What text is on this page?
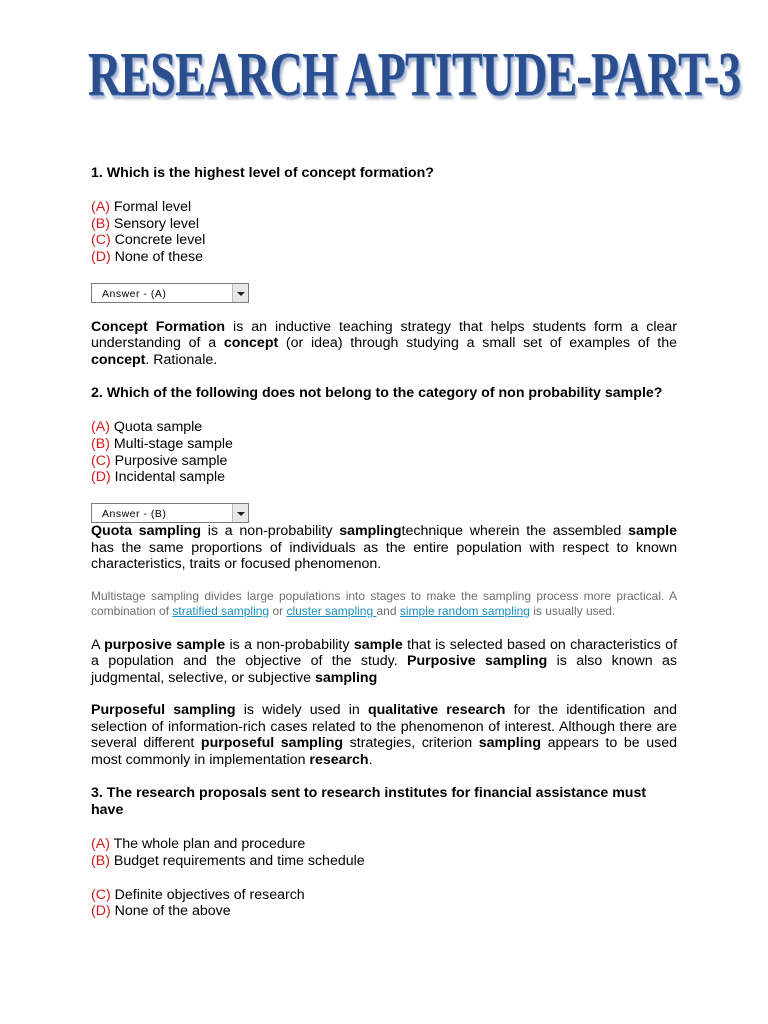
RESEARCH APTITUDE-PART-3

1. Which is the highest level of concept formation?

(A) Formal level
(B) Sensory level
(C) Concrete level
(D) None of these
Answer - (A)

Concept Formation is an inductive teaching strategy that helps students form a clear understanding of a concept (or idea) through studying a small set of examples of the concept. Rationale.

2. Which of the following does not belong to the category of non probability sample?

(A) Quota sample
(B) Multi-stage sample
(C) Purposive sample
(D) Incidental sample
Answer - (B)

Quota sampling is a non-probability samplingtechnique wherein the assembled sample has the same proportions of individuals as the entire population with respect to known characteristics, traits or focused phenomenon.

Multistage sampling divides large populations into stages to make the sampling process more practical. A combination of stratified sampling or cluster sampling and simple random sampling is usually used.

A purposive sample is a non-probability sample that is selected based on characteristics of a population and the objective of the study. Purposive sampling is also known as judgmental, selective, or subjective sampling

Purposeful sampling is widely used in qualitative research for the identification and selection of information-rich cases related to the phenomenon of interest. Although there are several different purposeful sampling strategies, criterion sampling appears to be used most commonly in implementation research.

3. The research proposals sent to research institutes for financial assistance must have

(A) The whole plan and procedure
(B) Budget requirements and time schedule
(C) Definite objectives of research
(D) None of the above
